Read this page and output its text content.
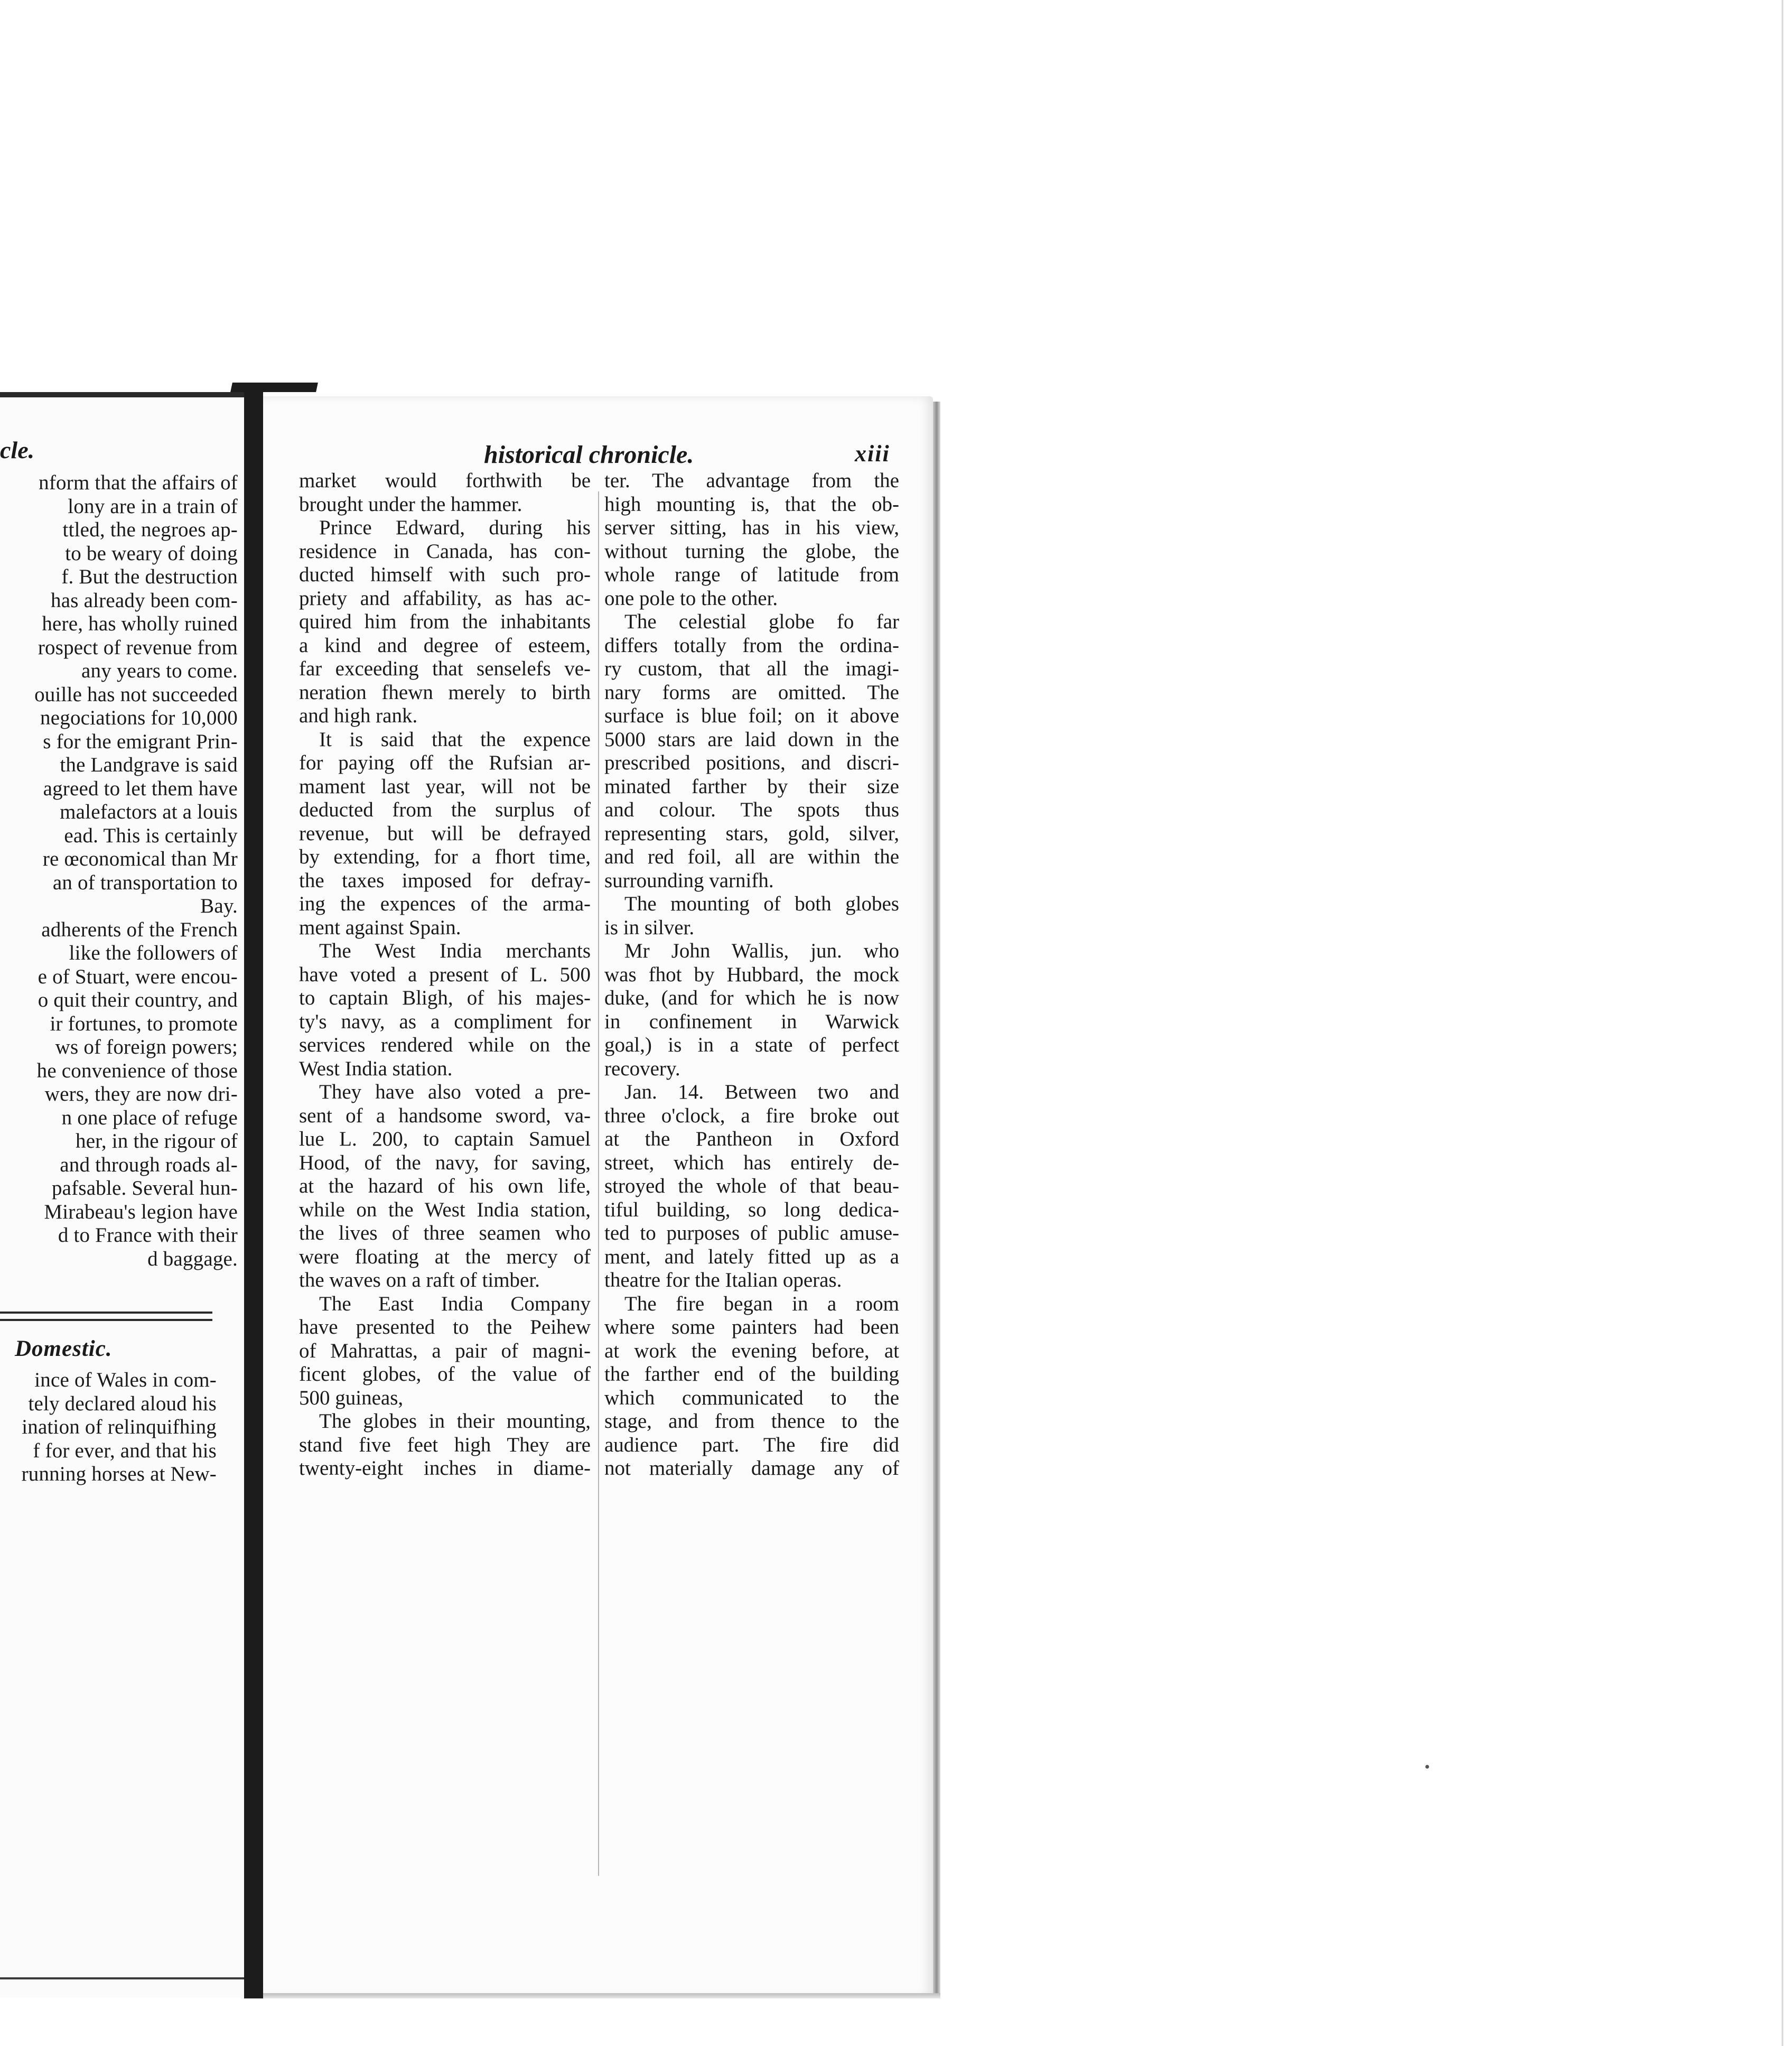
cle.
nform that the affairs of
lony are in a train of
ttled, the negroes ap-
to be weary of doing
f. But the destruction
has already been com-
here, has wholly ruined
rospect of revenue from
any years to come.
ouille has not succeeded
negociations for 10,000
s for the emigrant Prin-
the Landgrave is said
agreed to let them have
malefactors at a louis
ead. This is certainly
re œconomical than Mr
an of transportation to
Bay.
adherents of the French
like the followers of
e of Stuart, were encou-
o quit their country, and
ir fortunes, to promote
ws of foreign powers;
he convenience of those
wers, they are now dri-
n one place of refuge
her, in the rigour of
and through roads al-
pafsable. Several hun-
Mirabeau's legion have
d to France with their
d baggage.
Domestic.
ince of Wales in com-
tely declared aloud his
ination of relinquifhing
f for ever, and that his
running horses at New-
historical chronicle.	xiii
market would forthwith be
brought under the hammer.
Prince Edward, during his
residence in Canada, has con-
ducted himself with such pro-
priety and affability, as has ac-
quired him from the inhabitants
a kind and degree of esteem,
far exceeding that senselefs ve-
neration fhewn merely to birth
and high rank.
It is said that the expence
for paying off the Rufsian ar-
mament last year, will not be
deducted from the surplus of
revenue, but will be defrayed
by extending, for a fhort time,
the taxes imposed for defray-
ing the expences of the arma-
ment against Spain.
The West India merchants
have voted a present of L. 500
to captain Bligh, of his majes-
ty's navy, as a compliment for
services rendered while on the
West India station.
They have also voted a pre-
sent of a handsome sword, va-
lue L. 200, to captain Samuel
Hood, of the navy, for saving,
at the hazard of his own life,
while on the West India station,
the lives of three seamen who
were floating at the mercy of
the waves on a raft of timber.
The East India Company
have presented to the Peihew
of Mahrattas, a pair of magni-
ficent globes, of the value of
500 guineas,
The globes in their mounting,
stand five feet high They are
twenty-eight inches in diame-
ter. The advantage from the
high mounting is, that the ob-
server sitting, has in his view,
without turning the globe, the
whole range of latitude from
one pole to the other.
The celestial globe fo far
differs totally from the ordina-
ry custom, that all the imagi-
nary forms are omitted. The
surface is blue foil; on it above
5000 stars are laid down in the
prescribed positions, and discri-
minated farther by their size
and colour. The spots thus
representing stars, gold, silver,
and red foil, all are within the
surrounding varnifh.
The mounting of both globes
is in silver.
Mr John Wallis, jun. who
was fhot by Hubbard, the mock
duke, (and for which he is now
in confinement in Warwick
goal,) is in a state of perfect
recovery.
Jan. 14. Between two and
three o'clock, a fire broke out
at the Pantheon in Oxford
street, which has entirely de-
stroyed the whole of that beau-
tiful building, so long dedica-
ted to purposes of public amuse-
ment, and lately fitted up as a
theatre for the Italian operas.
The fire began in a room
where some painters had been
at work the evening before, at
the farther end of the building
which communicated to the
stage, and from thence to the
audience part. The fire did
not materially damage any of
